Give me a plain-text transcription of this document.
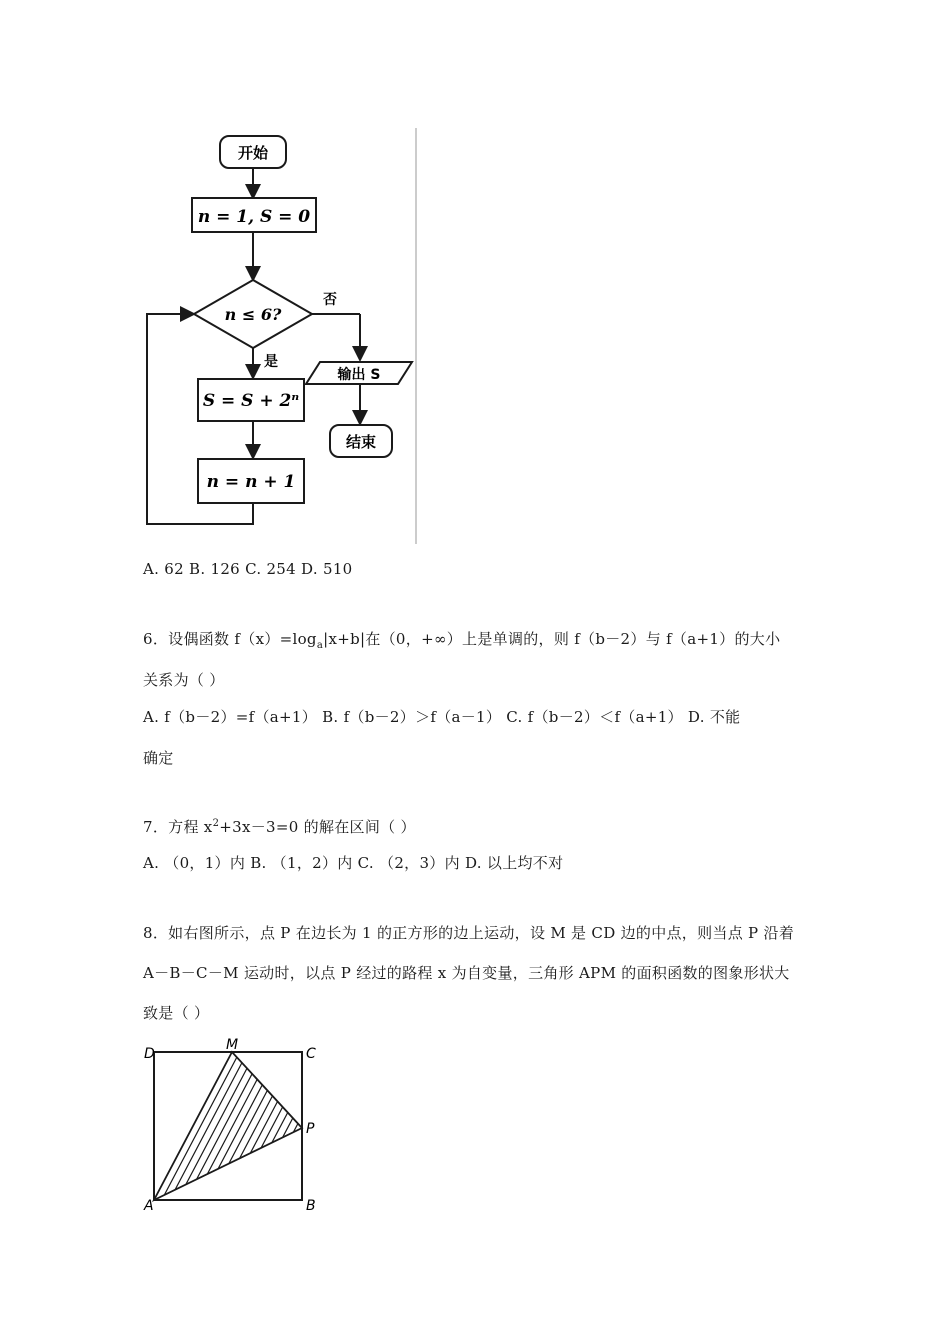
开始
n = 1, S = 0
n ≤ 6?
否
输出 S
结束
是
S = S + 2ⁿ
n = n + 1
A. 62 B. 126 C. 254 D. 510
6．设偶函数 $f(x)=\log_a|x+b|$在（0，+∞）上是单调的，则 f（b－2）与 f（a+1）的大小
关系为（ ）
A. f（b－2）=f（a+1） B. f（b－2）＞f（a－1） C. f（b－2）＜f（a+1） D. 不能
确定
7．方程 $x^2+3x-3=0$ 的解在区间（ ）
A. （0，1）内 B. （1，2）内 C. （2，3）内 D. 以上均不对
8．如右图所示，点 P 在边长为 1 的正方形的边上运动，设 M 是 CD 边的中点，则当点 P 沿着
A－B－C－M 运动时，以点 P 经过的路程 x 为自变量，三角形 APM 的面积函数的图象形状大
致是（ ）
D
M
C
P
A	B
